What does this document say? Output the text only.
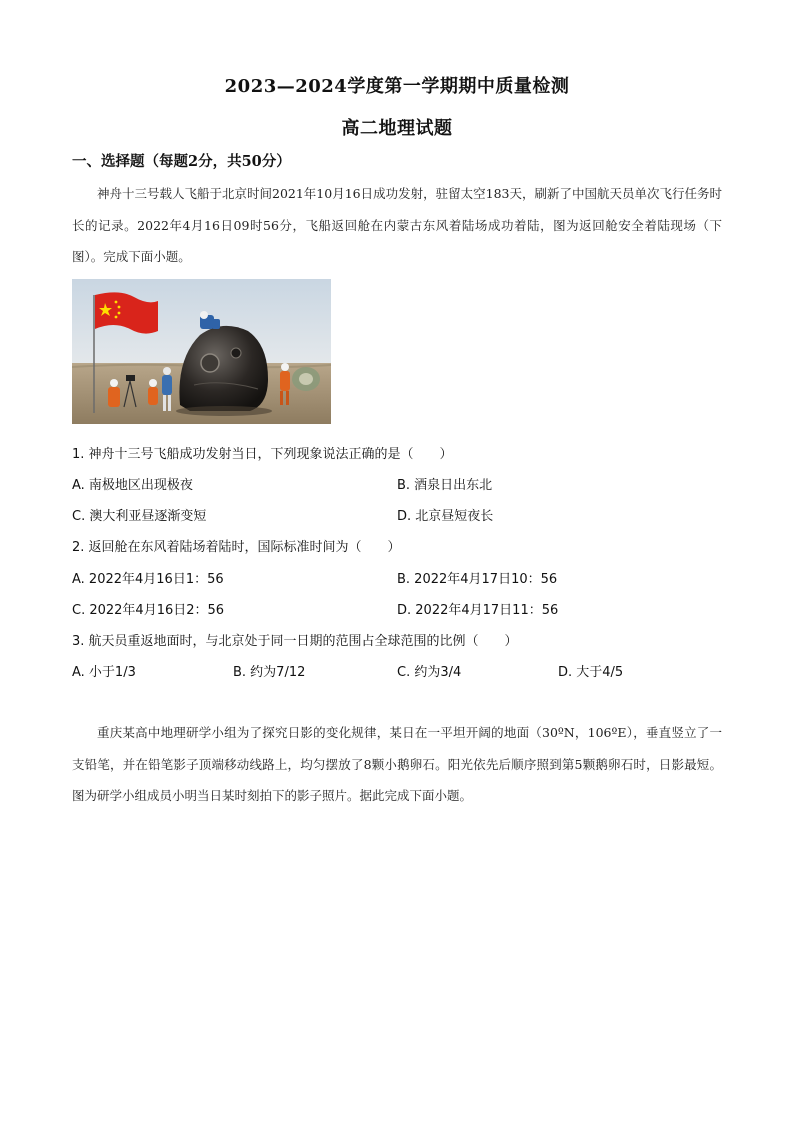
2023—2024学度第一学期期中质量检测
高二地理试题
一、选择题（每题2分，共50分）
神舟十三号载人飞船于北京时间2021年10月16日成功发射，驻留太空183天，刷新了中国航天员单次飞行任务时长的记录。2022年4月16日09时56分，飞船返回舱在内蒙古东风着陆场成功着陆，图为返回舱安全着陆现场（下图）。完成下面小题。
1. 神舟十三号飞船成功发射当日，下列现象说法正确的是（　　）
A. 南极地区出现极夜	B. 酒泉日出东北
C. 澳大利亚昼逐渐变短	D. 北京昼短夜长
2. 返回舱在东风着陆场着陆时，国际标准时间为（　　）
A. 2022年4月16日1：56	B. 2022年4月17日10：56
C. 2022年4月16日2：56	D. 2022年4月17日11：56
3. 航天员重返地面时，与北京处于同一日期的范围占全球范围的比例（　　）
A. 小于1/3	B. 约为7/12	C. 约为3/4	D. 大于4/5
重庆某高中地理研学小组为了探究日影的变化规律，某日在一平坦开阔的地面（30ºN，106ºE），垂直竖立了一支铅笔，并在铅笔影子顶端移动线路上，均匀摆放了8颗小鹅卵石。阳光依先后顺序照到第5颗鹅卵石时，日影最短。图为研学小组成员小明当日某时刻拍下的影子照片。据此完成下面小题。
